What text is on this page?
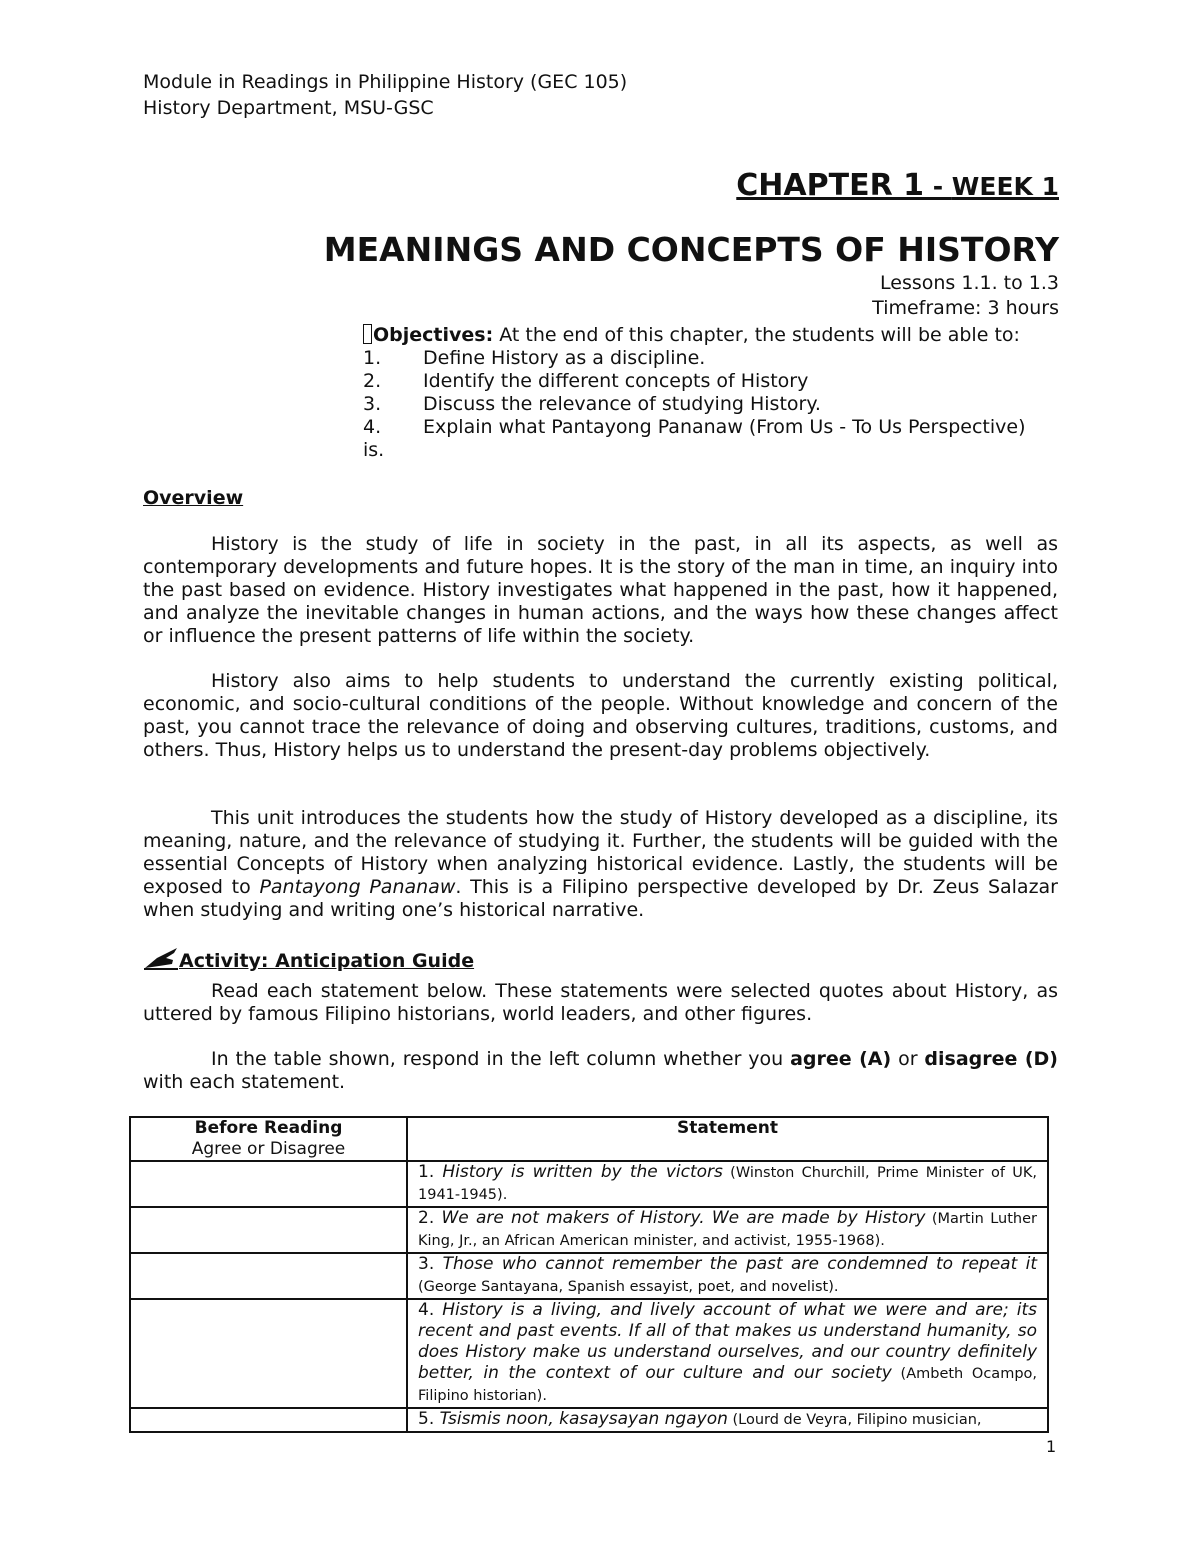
Module in Readings in Philippine History (GEC 105)
History Department, MSU-GSC
CHAPTER 1 - WEEK 1
MEANINGS AND CONCEPTS OF HISTORY
Lessons 1.1. to 1.3
Timeframe: 3 hours
Objectives: At the end of this chapter, the students will be able to:
1.	Define History as a discipline.
2.	Identify the different concepts of History
3.	Discuss the relevance of studying History.
4.	Explain what Pantayong Pananaw (From Us - To Us Perspective)
is.
Overview
History is the study of life in society in the past, in all its aspects, as well as contemporary developments and future hopes. It is the story of the man in time, an inquiry into the past based on evidence. History investigates what happened in the past, how it happened, and analyze the inevitable changes in human actions, and the ways how these changes affect or influence the present patterns of life within the society.
History also aims to help students to understand the currently existing political, economic, and socio-cultural conditions of the people. Without knowledge and concern of the past, you cannot trace the relevance of doing and observing cultures, traditions, customs, and others. Thus, History helps us to understand the present-day problems objectively.
This unit introduces the students how the study of History developed as a discipline, its meaning, nature, and the relevance of studying it. Further, the students will be guided with the essential Concepts of History when analyzing historical evidence. Lastly, the students will be exposed to Pantayong Pananaw. This is a Filipino perspective developed by Dr. Zeus Salazar when studying and writing one’s historical narrative.
Activity: Anticipation Guide
Read each statement below. These statements were selected quotes about History, as uttered by famous Filipino historians, world leaders, and other figures.
In the table shown, respond in the left column whether you agree (A) or disagree (D) with each statement.
Before Reading
Agree or Disagree	Statement
	1. History is written by the victors (Winston Churchill, Prime Minister of UK, 1941-1945).
	2. We are not makers of History. We are made by History (Martin Luther King, Jr., an African American minister, and activist, 1955-1968).
	3. Those who cannot remember the past are condemned to repeat it (George Santayana, Spanish essayist, poet, and novelist).
	4. History is a living, and lively account of what we were and are; its recent and past events. If all of that makes us understand humanity, so does History make us understand ourselves, and our country definitely better, in the context of our culture and our society (Ambeth Ocampo, Filipino historian).
	5. Tsismis noon, kasaysayan ngayon (Lourd de Veyra, Filipino musician,
1
